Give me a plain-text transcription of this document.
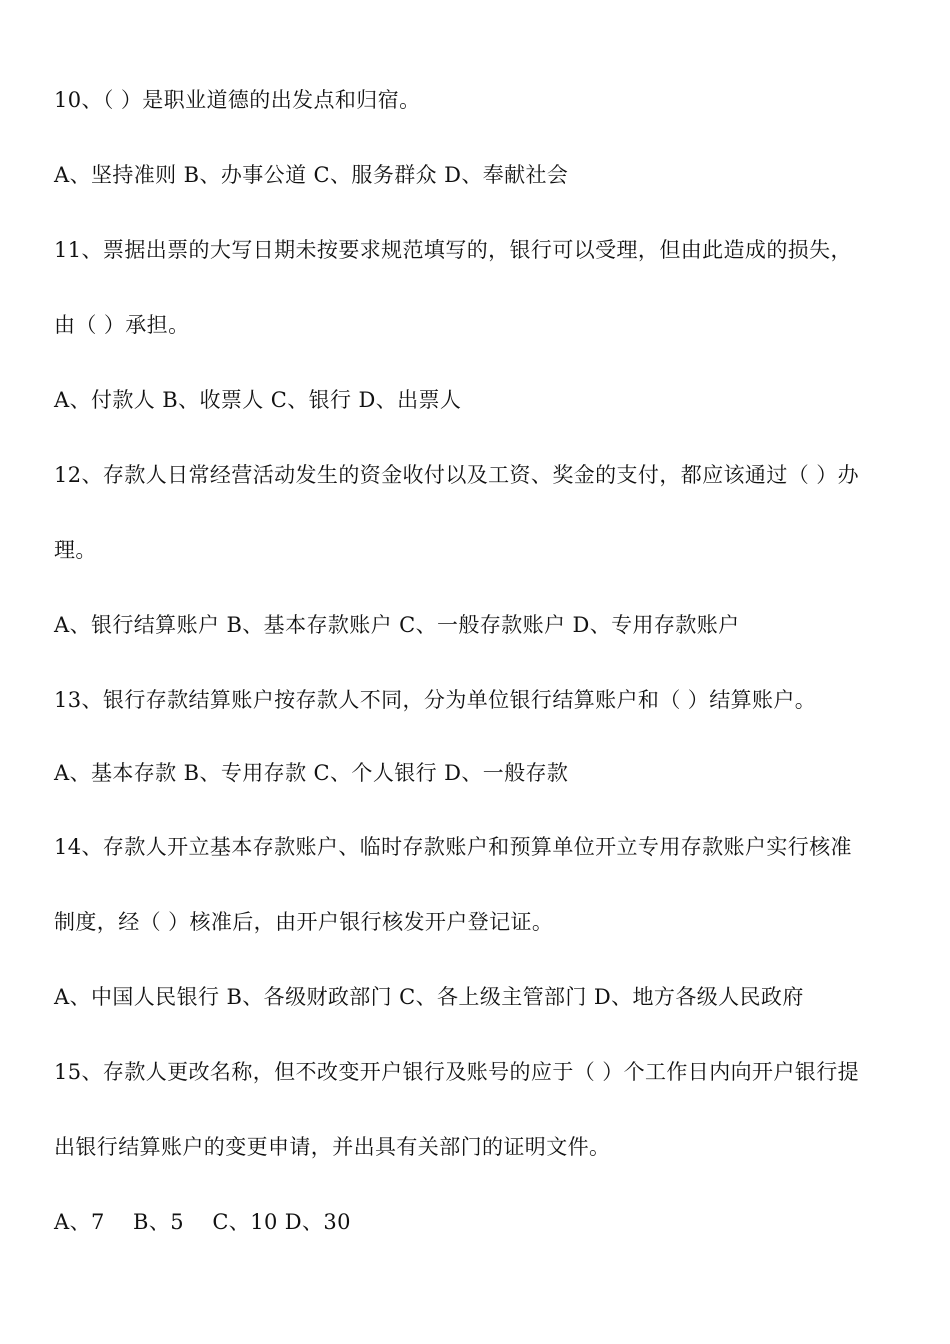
10、（ ）是职业道德的出发点和归宿。
A、坚持准则 B、办事公道 C、服务群众 D、奉献社会
11、票据出票的大写日期未按要求规范填写的，银行可以受理，但由此造成的损失，
由（ ）承担。
A、付款人 B、收票人 C、银行 D、出票人
12、存款人日常经营活动发生的资金收付以及工资、奖金的支付，都应该通过（ ）办
理。
A、银行结算账户 B、基本存款账户 C、一般存款账户 D、专用存款账户
13、银行存款结算账户按存款人不同，分为单位银行结算账户和（ ）结算账户。
A、基本存款 B、专用存款 C、个人银行 D、一般存款
14、存款人开立基本存款账户、临时存款账户和预算单位开立专用存款账户实行核准
制度，经（ ）核准后，由开户银行核发开户登记证。
A、中国人民银行 B、各级财政部门 C、各上级主管部门 D、地方各级人民政府
15、存款人更改名称，但不改变开户银行及账号的应于（ ）个工作日内向开户银行提
出银行结算账户的变更申请，并出具有关部门的证明文件。
A、7    B、5    C、10 D、30
